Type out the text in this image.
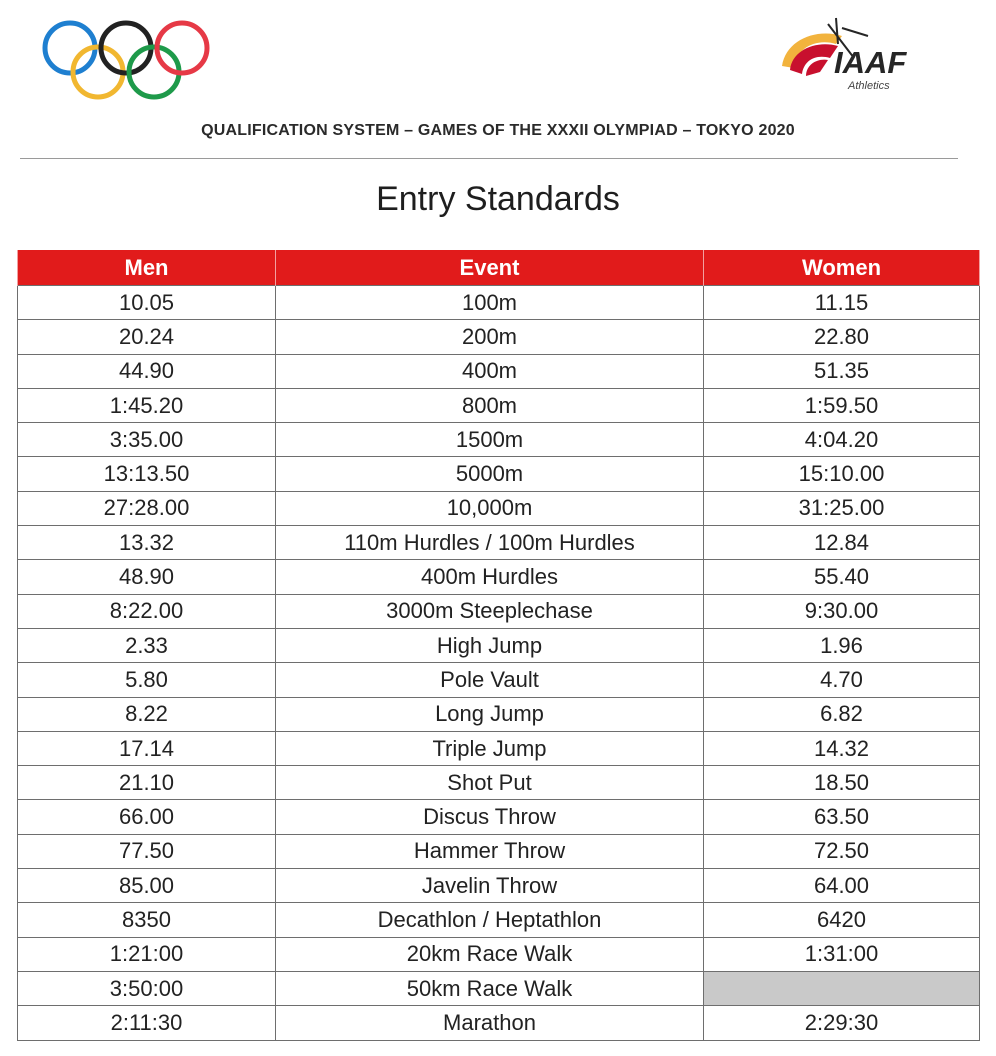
IAAF
Athletics
QUALIFICATION SYSTEM – GAMES OF THE XXXII OLYMPIAD – TOKYO 2020
Entry Standards
Men	Event	Women
10.05	100m	11.15
20.24	200m	22.80
44.90	400m	51.35
1:45.20	800m	1:59.50
3:35.00	1500m	4:04.20
13:13.50	5000m	15:10.00
27:28.00	10,000m	31:25.00
13.32	110m Hurdles / 100m Hurdles	12.84
48.90	400m Hurdles	55.40
8:22.00	3000m Steeplechase	9:30.00
2.33	High Jump	1.96
5.80	Pole Vault	4.70
8.22	Long Jump	6.82
17.14	Triple Jump	14.32
21.10	Shot Put	18.50
66.00	Discus Throw	63.50
77.50	Hammer Throw	72.50
85.00	Javelin Throw	64.00
8350	Decathlon / Heptathlon	6420
1:21:00	20km Race Walk	1:31:00
3:50:00	50km Race Walk	
2:11:30	Marathon	2:29:30
